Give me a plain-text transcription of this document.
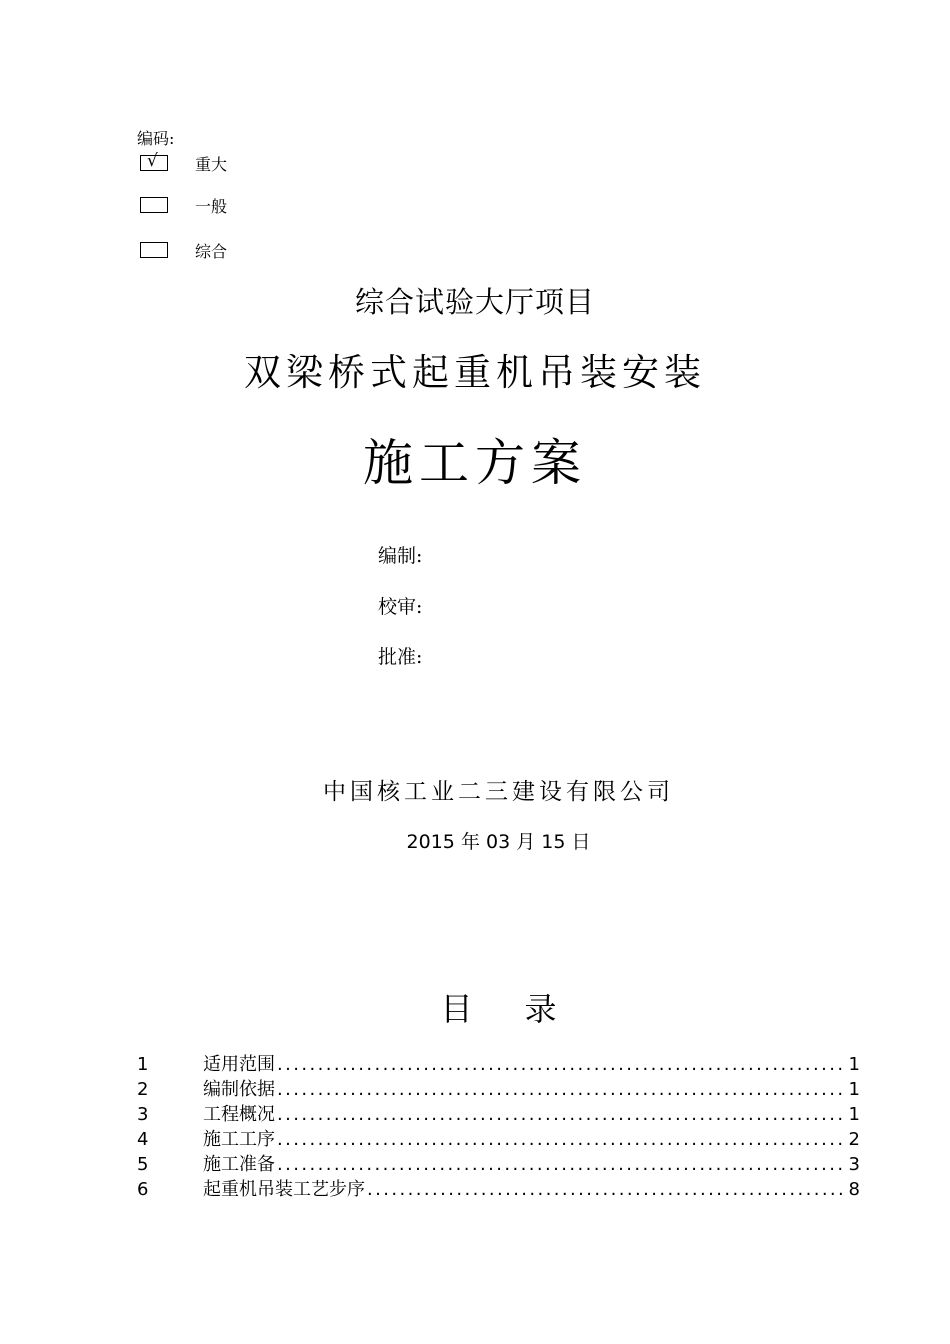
编码:
√ 重大
一般
综合
综合试验大厅项目
双梁桥式起重机吊装安装
施工方案
编制:
校审:
批准:
中国核工业二三建设有限公司
2015 年 03 月 15 日
目 录
1	适用范围 .....	1
2	编制依据 .....	1
3	工程概况 .....	1
4	施工工序 .....	2
5	施工准备 .....	3
6	起重机吊装工艺步序 .....	8
